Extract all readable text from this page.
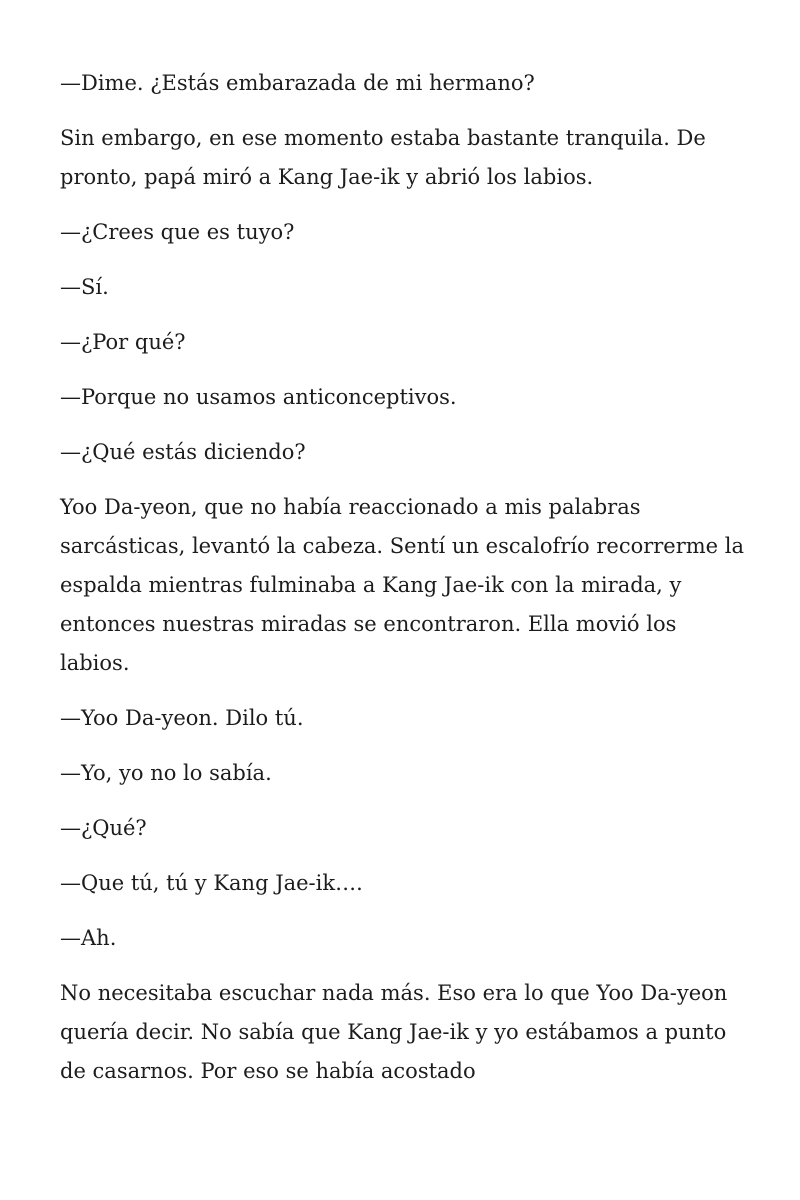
—Dime. ¿Estás embarazada de mi hermano?

Sin embargo, en ese momento estaba bastante tranquila. De pronto, papá miró a Kang Jae-ik y abrió los labios.

—¿Crees que es tuyo?

—Sí.

—¿Por qué?

—Porque no usamos anticonceptivos.

—¿Qué estás diciendo?

Yoo Da-yeon, que no había reaccionado a mis palabras sarcásticas, levantó la cabeza. Sentí un escalofrío recorrerme la espalda mientras fulminaba a Kang Jae-ik con la mirada, y entonces nuestras miradas se encontraron. Ella movió los labios.

—Yoo Da-yeon. Dilo tú.

—Yo, yo no lo sabía.

—¿Qué?

—Que tú, tú y Kang Jae-ik….

—Ah.

No necesitaba escuchar nada más. Eso era lo que Yoo Da-yeon quería decir. No sabía que Kang Jae-ik y yo estábamos a punto de casarnos. Por eso se había acostado
